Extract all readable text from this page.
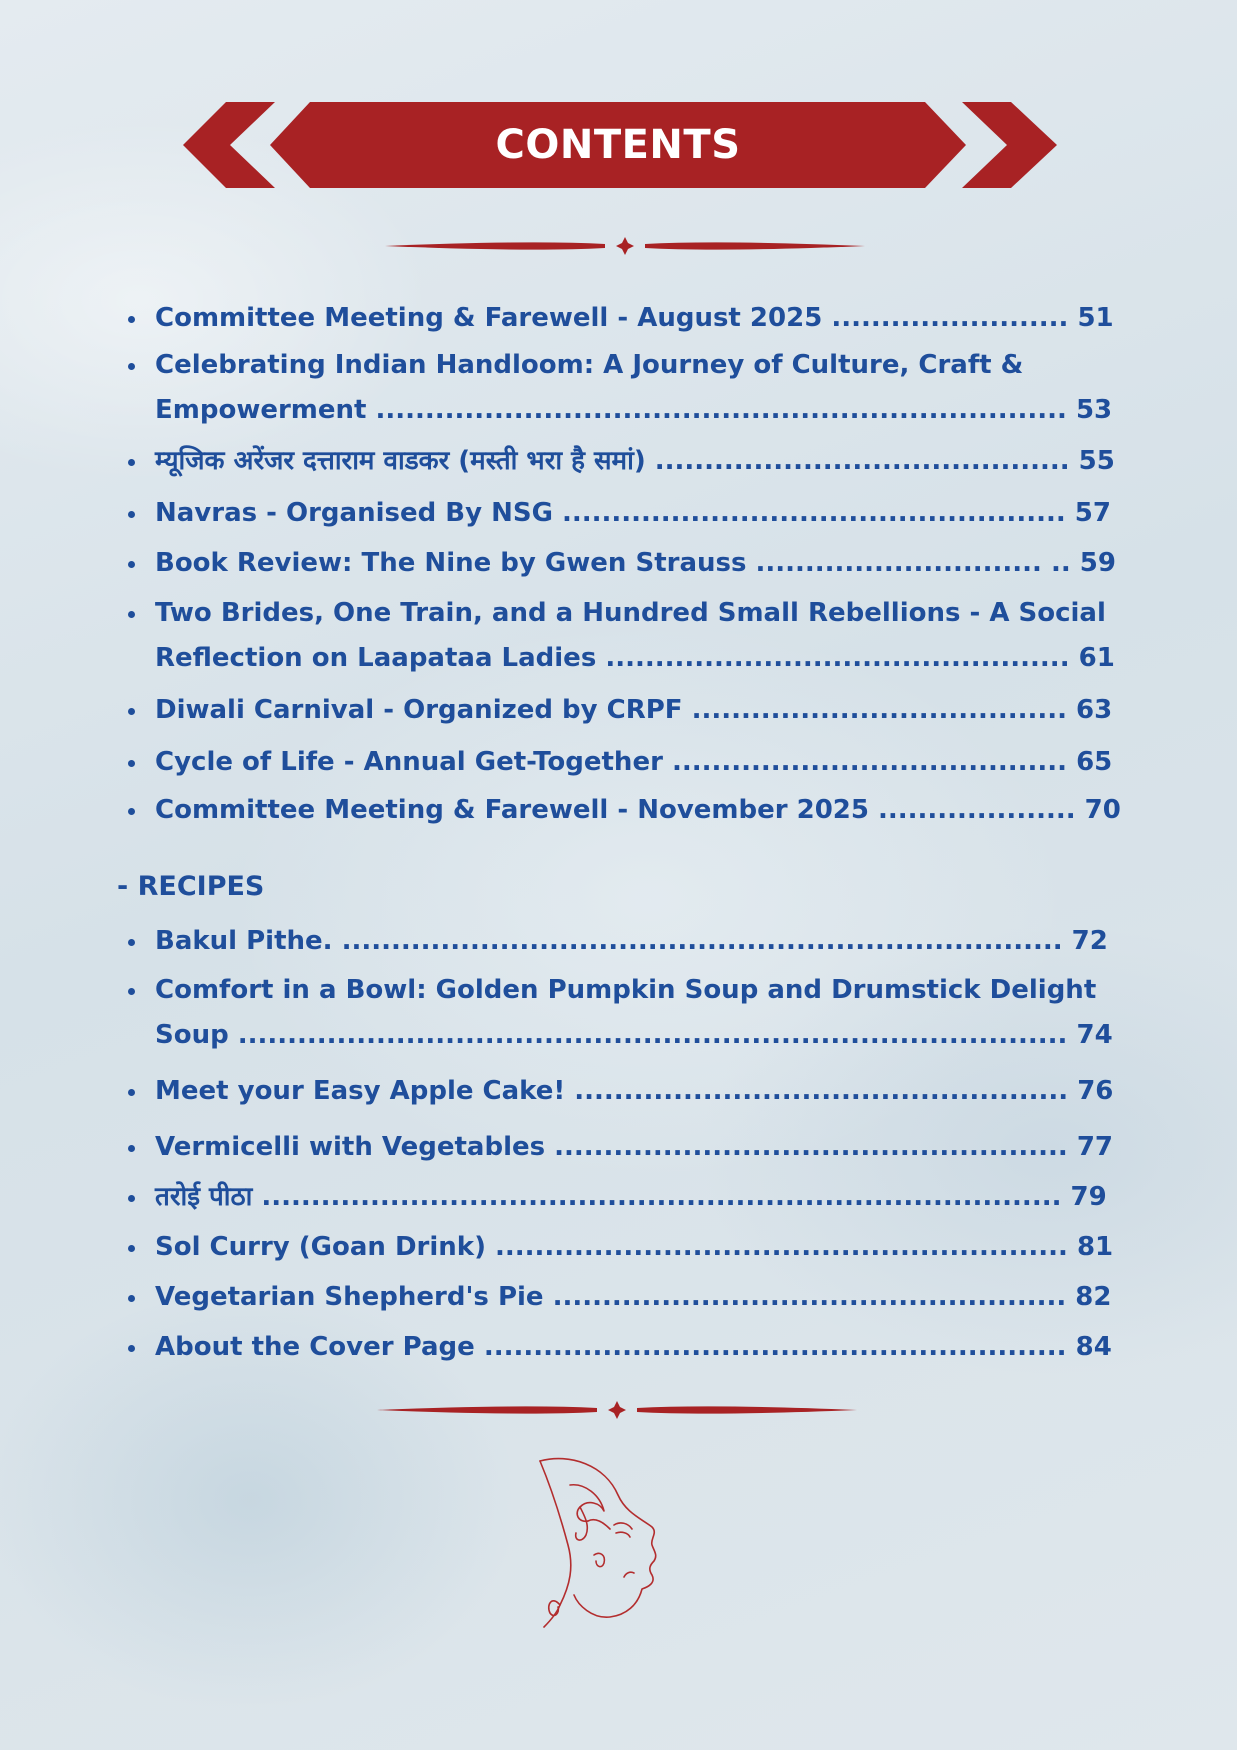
CONTENTS
Committee Meeting & Farewell - August 2025 ........................ 51
Celebrating Indian Handloom: A Journey of Culture, Craft &
Empowerment ...................................................................... 53
म्यूजिक अरेंजर दत्ताराम वाडकर (मस्ती भरा है समां) .......................................... 55
Navras - Organised By NSG ................................................... 57
Book Review: The Nine by Gwen Strauss ............................. .. 59
Two Brides, One Train, and a Hundred Small Rebellions - A Social
Reflection on Laapataa Ladies ............................................... 61
Diwali Carnival - Organized by CRPF ...................................... 63
Cycle of Life - Annual Get-Together ........................................ 65
Committee Meeting & Farewell - November 2025 .................... 70
Bakul Pithe. ......................................................................... 72
Comfort in a Bowl: Golden Pumpkin Soup and Drumstick Delight
Soup .................................................................................... 74
Meet your Easy Apple Cake! .................................................. 76
Vermicelli with Vegetables .................................................... 77
तरोई पीठा ................................................................................. 79
Sol Curry (Goan Drink) .......................................................... 81
Vegetarian Shepherd's Pie .................................................... 82
About the Cover Page ........................................................... 84
- RECIPES
